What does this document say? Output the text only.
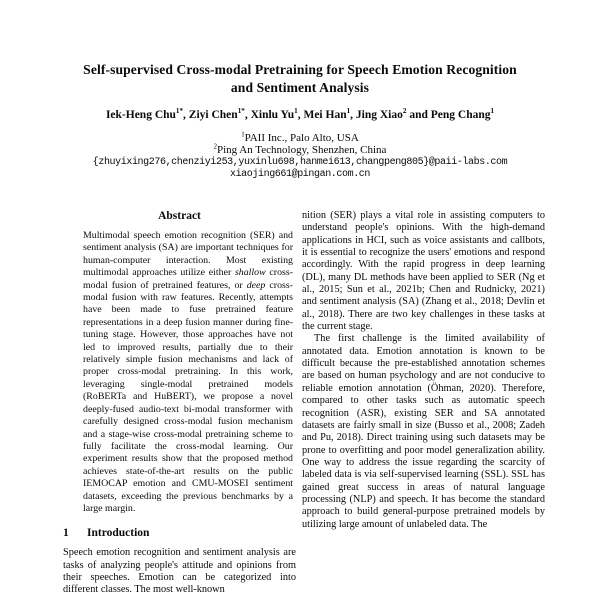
Self-supervised Cross-modal Pretraining for Speech Emotion Recognition
and Sentiment Analysis
Iek-Heng Chu$^{1*}$, Ziyi Chen$^{1*}$, Xinlu Yu$^1$, Mei Han$^1$, Jing Xiao$^2$ and Peng Chang$^1$
$^1$PAII Inc., Palo Alto, USA
$^2$Ping An Technology, Shenzhen, China
{zhuyixing276,chenziyi253,yuxinlu698,hanmei613,changpeng805}@paii-labs.com
xiaojing661@pingan.com.cn
Abstract

Multimodal speech emotion recognition (SER) and sentiment analysis (SA) are important techniques for human-computer interaction. Most existing multimodal approaches utilize either shallow cross-modal fusion of pretrained features, or deep cross-modal fusion with raw features. Recently, attempts have been made to fuse pretrained feature representations in a deep fusion manner during fine-tuning stage. However, those approaches have not led to improved results, partially due to their relatively simple fusion mechanisms and lack of proper cross-modal pretraining. In this work, leveraging single-modal pretrained models (RoBERTa and HuBERT), we propose a novel deeply-fused audio-text bi-modal transformer with carefully designed cross-modal fusion mechanism and a stage-wise cross-modal pretraining scheme to fully facilitate the cross-modal learning. Our experiment results show that the proposed method achieves state-of-the-art results on the public IEMOCAP emotion and CMU-MOSEI sentiment datasets, exceeding the previous benchmarks by a large margin.

1 Introduction

Speech emotion recognition and sentiment analysis are tasks of analyzing people's attitude and opinions from their speeches. Emotion can be categorized into different classes. The most well-known

nition (SER) plays a vital role in assisting computers to understand people's opinions. With the high-demand applications in HCI, such as voice assistants and callbots, it is essential to recognize the users' emotions and respond accordingly. With the rapid progress in deep learning (DL), many DL methods have been applied to SER (Ng et al., 2015; Sun et al., 2021b; Chen and Rudnicky, 2021) and sentiment analysis (SA) (Zhang et al., 2018; Devlin et al., 2018). There are two key challenges in these tasks at the current stage.

The first challenge is the limited availability of annotated data. Emotion annotation is known to be difficult because the pre-established annotation schemes are based on human psychology and are not conducive to reliable emotion annotation (Öhman, 2020). Therefore, compared to other tasks such as automatic speech recognition (ASR), existing SER and SA annotated datasets are fairly small in size (Busso et al., 2008; Zadeh and Pu, 2018). Direct training using such datasets may be prone to overfitting and poor model generalization ability. One way to address the issue regarding the scarcity of labeled data is via self-supervised learning (SSL). SSL has gained great success in areas of natural language processing (NLP) and speech. It has become the standard approach to build general-purpose pretrained models by utilizing large amount of unlabeled data. The
